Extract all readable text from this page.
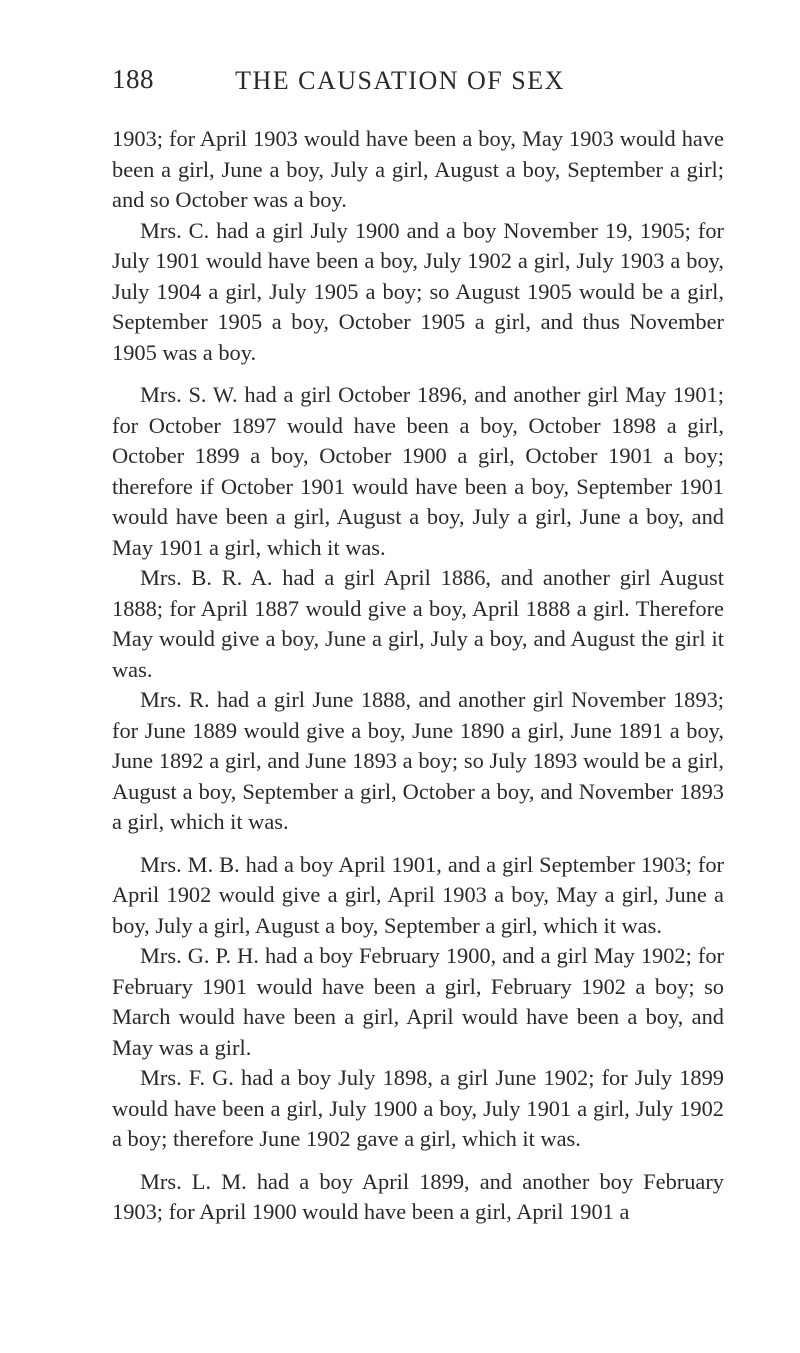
188	THE CAUSATION OF SEX

1903; for April 1903 would have been a boy, May 1903 would have been a girl, June a boy, July a girl, August a boy, September a girl; and so October was a boy.

Mrs. C. had a girl July 1900 and a boy November 19, 1905; for July 1901 would have been a boy, July 1902 a girl, July 1903 a boy, July 1904 a girl, July 1905 a boy; so August 1905 would be a girl, September 1905 a boy, October 1905 a girl, and thus November 1905 was a boy.

Mrs. S. W. had a girl October 1896, and another girl May 1901; for October 1897 would have been a boy, October 1898 a girl, October 1899 a boy, October 1900 a girl, October 1901 a boy; therefore if October 1901 would have been a boy, September 1901 would have been a girl, August a boy, July a girl, June a boy, and May 1901 a girl, which it was.

Mrs. B. R. A. had a girl April 1886, and another girl August 1888; for April 1887 would give a boy, April 1888 a girl. Therefore May would give a boy, June a girl, July a boy, and August the girl it was.

Mrs. R. had a girl June 1888, and another girl November 1893; for June 1889 would give a boy, June 1890 a girl, June 1891 a boy, June 1892 a girl, and June 1893 a boy; so July 1893 would be a girl, August a boy, September a girl, October a boy, and November 1893 a girl, which it was.

Mrs. M. B. had a boy April 1901, and a girl September 1903; for April 1902 would give a girl, April 1903 a boy, May a girl, June a boy, July a girl, August a boy, September a girl, which it was.

Mrs. G. P. H. had a boy February 1900, and a girl May 1902; for February 1901 would have been a girl, February 1902 a boy; so March would have been a girl, April would have been a boy, and May was a girl.

Mrs. F. G. had a boy July 1898, a girl June 1902; for July 1899 would have been a girl, July 1900 a boy, July 1901 a girl, July 1902 a boy; therefore June 1902 gave a girl, which it was.

Mrs. L. M. had a boy April 1899, and another boy February 1903; for April 1900 would have been a girl, April 1901 a
